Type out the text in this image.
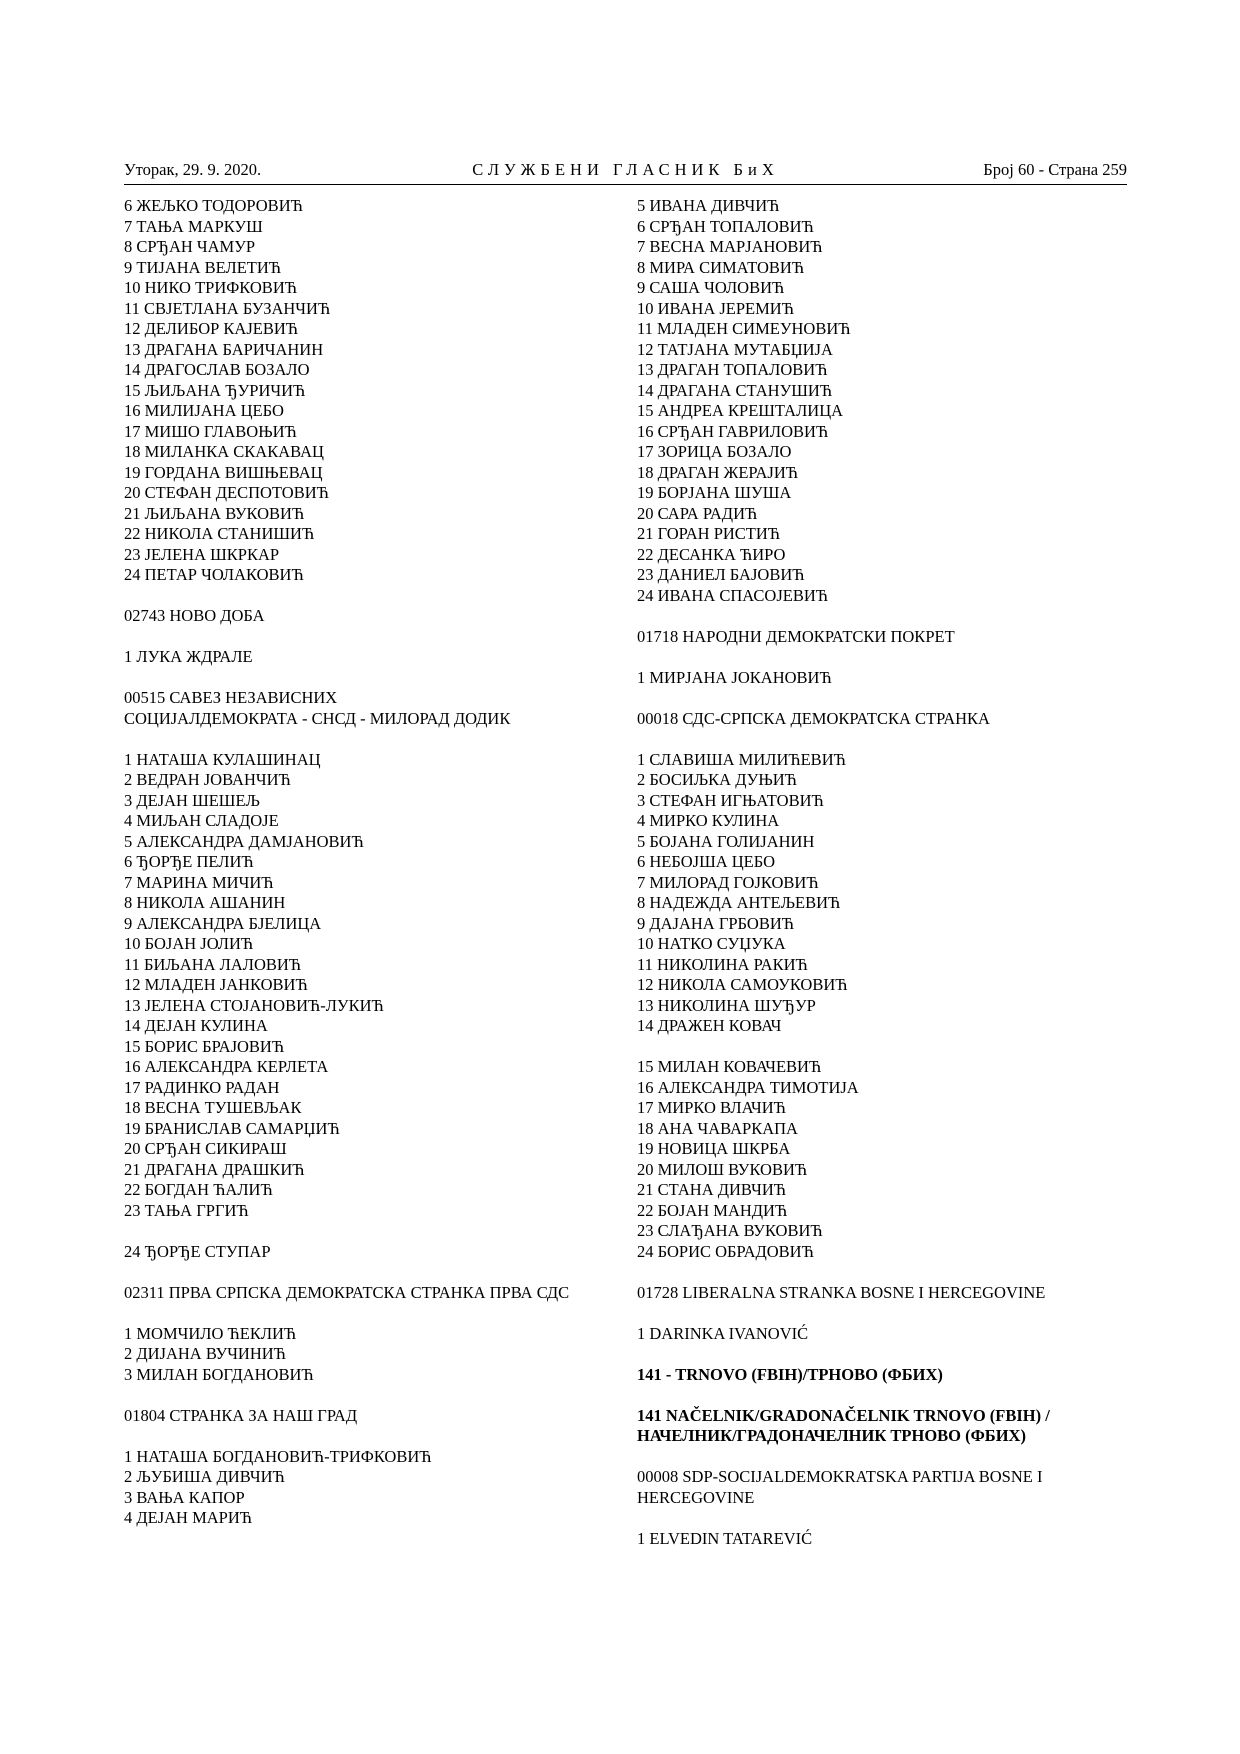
Уторак, 29. 9. 2020.	СЛУЖБЕНИ ГЛАСНИК БиХ	Број 60 - Страна 259
6 ЖЕЉКО ТОДОРОВИЋ
7 ТАЊА МАРКУШ
8 СРЂАН ЧАМУР
9 ТИЈАНА ВЕЛЕТИЋ
10 НИКО ТРИФКОВИЋ
11 СВЈЕТЛАНА БУЗАНЧИЋ
12 ДЕЛИБОР КАЈЕВИЋ
13 ДРАГАНА БАРИЧАНИН
14 ДРАГОСЛАВ БОЗАЛО
15 ЉИЉАНА ЂУРИЧИЋ
16 МИЛИЈАНА ЦЕБО
17 МИШО ГЛАВОЊИЋ
18 МИЛАНКА СКАКАВАЦ
19 ГОРДАНА ВИШЊЕВАЦ
20 СТЕФАН ДЕСПОТОВИЋ
21 ЉИЉАНА ВУКОВИЋ
22 НИКОЛА СТАНИШИЋ
23 ЈЕЛЕНА ШКРКАР
24 ПЕТАР ЧОЛАКОВИЋ
02743 НОВО ДОБА
1 ЛУКА ЖДРАЛЕ
00515 САВЕЗ НЕЗАВИСНИХ
СОЦИЈАЛДЕМОКРАТА - СНСД - МИЛОРАД ДОДИК
1 НАТАША КУЛАШИНАЦ
2 ВЕДРАН ЈОВАНЧИЋ
3 ДЕЈАН ШЕШЕЉ
4 МИЉАН СЛАДОЈЕ
5 АЛЕКСАНДРА ДАМЈАНОВИЋ
6 ЂОРЂЕ ПЕЛИЋ
7 МАРИНА МИЧИЋ
8 НИКОЛА АШАНИН
9 АЛЕКСАНДРА БЈЕЛИЦА
10 БОЈАН ЈОЛИЋ
11 БИЉАНА ЛАЛОВИЋ
12 МЛАДЕН ЈАНКОВИЋ
13 ЈЕЛЕНА СТОЈАНОВИЋ-ЛУКИЋ
14 ДЕЈАН КУЛИНА
15 БОРИС БРАЈОВИЋ
16 АЛЕКСАНДРА КЕРЛЕТА
17 РАДИНКО РАДАН
18 ВЕСНА ТУШЕВЉАК
19 БРАНИСЛАВ САМАРЏИЋ
20 СРЂАН СИКИРАШ
21 ДРАГАНА ДРАШКИЋ
22 БОГДАН ЋАЛИЋ
23 ТАЊА ГРГИЋ
24 ЂОРЂЕ СТУПАР
02311 ПРВА СРПСКА ДЕМОКРАТСКА СТРАНКА ПРВА СДС
1 МОМЧИЛО ЋЕКЛИЋ
2 ДИЈАНА ВУЧИНИЋ
3 МИЛАН БОГДАНОВИЋ
01804 СТРАНКА ЗА НАШ ГРАД
1 НАТАША БОГДАНОВИЋ-ТРИФКОВИЋ
2 ЉУБИША ДИВЧИЋ
3 ВАЊА КАПОР
4 ДЕЈАН МАРИЋ
5 ИВАНА ДИВЧИЋ
6 СРЂАН ТОПАЛОВИЋ
7 ВЕСНА МАРЈАНОВИЋ
8 МИРА СИМАТОВИЋ
9 САША ЧОЛОВИЋ
10 ИВАНА ЈЕРЕМИЋ
11 МЛАДЕН СИМЕУНОВИЋ
12 ТАТЈАНА МУТАБЏИЈА
13 ДРАГАН ТОПАЛОВИЋ
14 ДРАГАНА СТАНУШИЋ
15 АНДРЕА КРЕШТАЛИЦА
16 СРЂАН ГАВРИЛОВИЋ
17 ЗОРИЦА БОЗАЛО
18 ДРАГАН ЖЕРАЈИЋ
19 БОРЈАНА ШУША
20 САРА РАДИЋ
21 ГОРАН РИСТИЋ
22 ДЕСАНКА ЋИРО
23 ДАНИЕЛ БАЈОВИЋ
24 ИВАНА СПАСОЈЕВИЋ
01718 НАРОДНИ ДЕМОКРАТСКИ ПОКРЕТ
1 МИРЈАНА ЈОКАНОВИЋ
00018 СДС-СРПСКА ДЕМОКРАТСКА СТРАНКА
1 СЛАВИША МИЛИЋЕВИЋ
2 БОСИЉКА ДУЊИЋ
3 СТЕФАН ИГЊАТОВИЋ
4 МИРКО КУЛИНА
5 БОЈАНА ГОЛИЈАНИН
6 НЕБОЈША ЦЕБО
7 МИЛОРАД ГОЈКОВИЋ
8 НАДЕЖДА АНТЕЉЕВИЋ
9 ДАЈАНА ГРБОВИЋ
10 НАТКО СУЏУКА
11 НИКОЛИНА РАКИЋ
12 НИКОЛА САМОУКОВИЋ
13 НИКОЛИНА ШУЂУР
14 ДРАЖЕН КОВАЧ
15 МИЛАН КОВАЧЕВИЋ
16 АЛЕКСАНДРА ТИМОТИЈА
17 МИРКО ВЛАЧИЋ
18 АНА ЧАВАРКАПА
19 НОВИЦА ШКРБА
20 МИЛОШ ВУКОВИЋ
21 СТАНА ДИВЧИЋ
22 БОЈАН МАНДИЋ
23 СЛАЂАНА ВУКОВИЋ
24 БОРИС ОБРАДОВИЋ
01728 LIBERALNA STRANKA BOSNE I HERCEGOVINE
1 DARINKA IVANOVIĆ
141 - TRNOVO (FBIH)/ТРНОВО (ФБИХ)
141 NAČELNIK/GRADONAČELNIK TRNOVO (FBIH) /
НАЧЕЛНИК/ГРАДОНАЧЕЛНИК ТРНОВО (ФБИХ)
00008 SDP-SOCIJALDEMOKRATSKA PARTIJA BOSNE I HERCEGOVINE
1 ELVEDIN TATAREVIĆ
